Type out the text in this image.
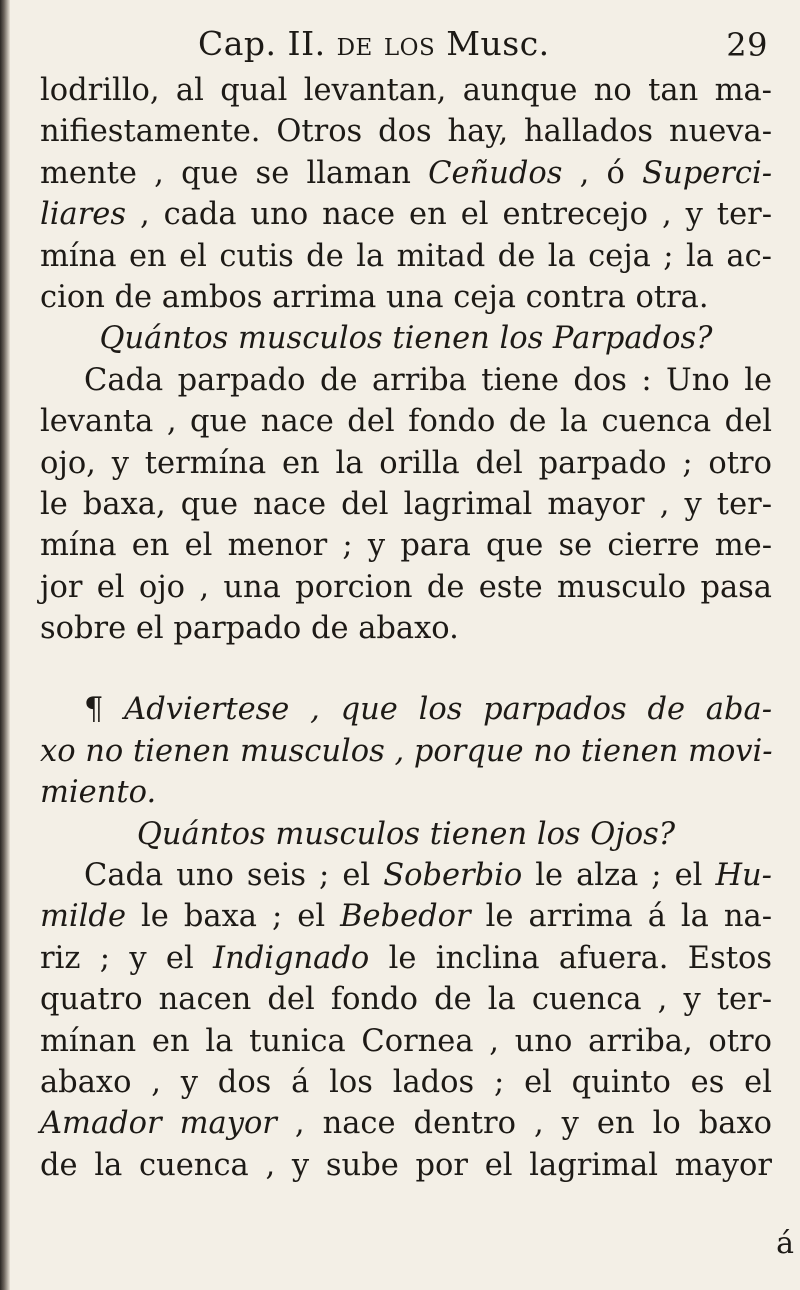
Cap. II. de los Musc.	29
lodrillo, al qual levantan, aunque no tan ma-
nifiestamente. Otros dos hay, hallados nueva-
mente , que se llaman Ceñudos , ó Superci-
liares , cada uno nace en el entrecejo , y ter-
mína en el cutis de la mitad de la ceja ; la ac-
cion de ambos arrima una ceja contra otra.
Quántos musculos tienen los Parpados?
Cada parpado de arriba tiene dos : Uno le
levanta , que nace del fondo de la cuenca del
ojo, y termína en la orilla del parpado ; otro
le baxa, que nace del lagrimal mayor , y ter-
mína en el menor ; y para que se cierre me-
jor el ojo , una porcion de este musculo pasa
sobre el parpado de abaxo.
¶ Adviertese , que los parpados de aba-
xo no tienen musculos , porque no tienen movi-
miento.
Quántos musculos tienen los Ojos?
Cada uno seis ; el Soberbio le alza ; el Hu-
milde le baxa ; el Bebedor le arrima á la na-
riz ; y el Indignado le inclina afuera. Estos
quatro nacen del fondo de la cuenca , y ter-
mínan en la tunica Cornea , uno arriba, otro
abaxo , y dos á los lados ; el quinto es el
Amador mayor , nace dentro , y en lo baxo
de la cuenca , y sube por el lagrimal mayor
á
